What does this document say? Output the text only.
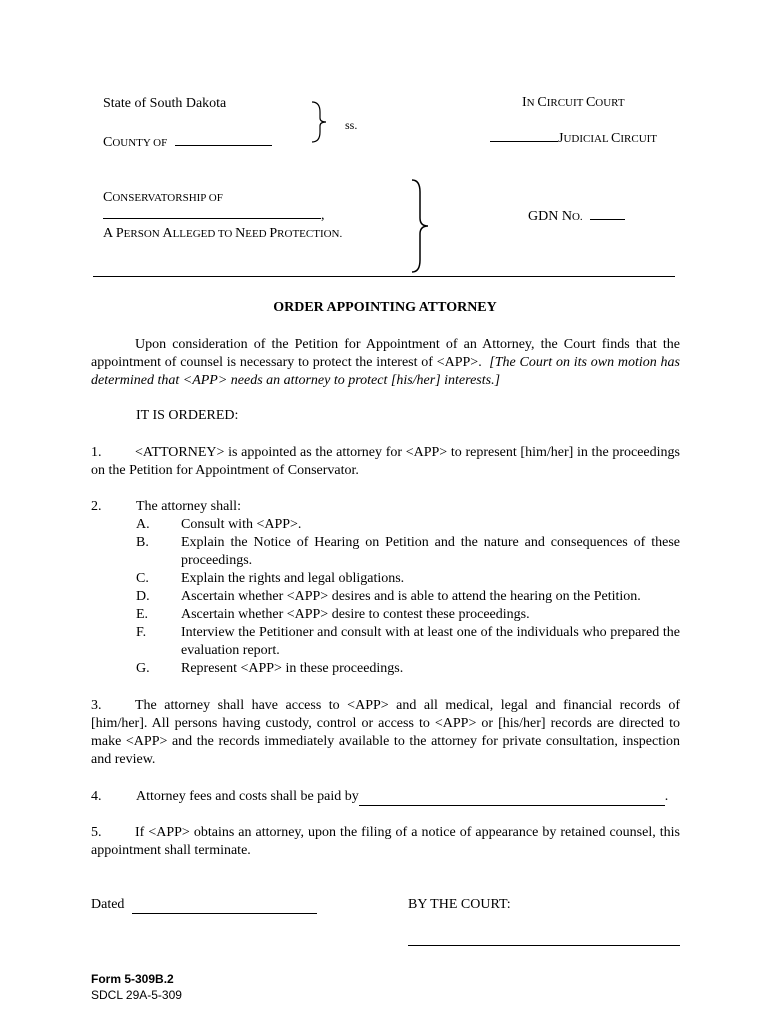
State of South Dakota
ss.
COUNTY OF
IN CIRCUIT COURT
JUDICIAL CIRCUIT
CONSERVATORSHIP OF
,
A PERSON ALLEGED TO NEED PROTECTION.
GDN NO.
ORDER APPOINTING ATTORNEY
Upon consideration of the Petition for Appointment of an Attorney, the Court finds that the appointment of counsel is necessary to protect the interest of <APP>. [The Court on its own motion has determined that <APP> needs an attorney to protect [his/her] interests.]
IT IS ORDERED:
1. <ATTORNEY> is appointed as the attorney for <APP> to represent [him/her] in the proceedings on the Petition for Appointment of Conservator.
2. The attorney shall:
A. Consult with <APP>.
B. Explain the Notice of Hearing on Petition and the nature and consequences of these proceedings.
C. Explain the rights and legal obligations.
D. Ascertain whether <APP> desires and is able to attend the hearing on the Petition.
E. Ascertain whether <APP> desire to contest these proceedings.
F. Interview the Petitioner and consult with at least one of the individuals who prepared the evaluation report.
G. Represent <APP> in these proceedings.
3. The attorney shall have access to <APP> and all medical, legal and financial records of [him/her]. All persons having custody, control or access to <APP> or [his/her] records are directed to make <APP> and the records immediately available to the attorney for private consultation, inspection and review.
4. Attorney fees and costs shall be paid by	.
5. If <APP> obtains an attorney, upon the filing of a notice of appearance by retained counsel, this appointment shall terminate.
Dated	BY THE COURT:
Form 5-309B.2
SDCL 29A-5-309
